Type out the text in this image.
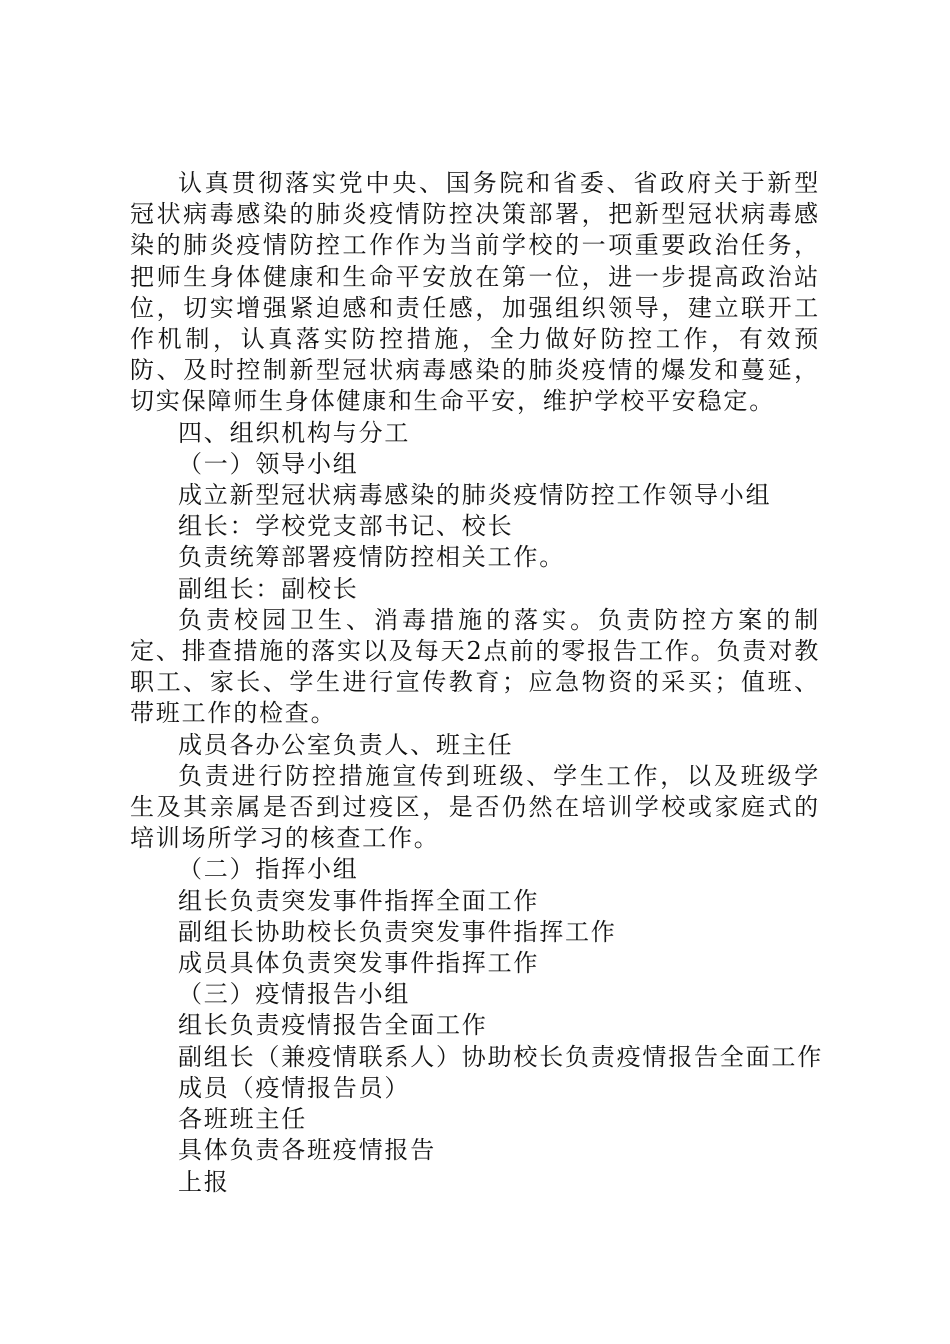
认真贯彻落实党中央、国务院和省委、省政府关于新型冠状病毒感染的肺炎疫情防控决策部署，把新型冠状病毒感染的肺炎疫情防控工作作为当前学校的一项重要政治任务，把师生身体健康和生命平安放在第一位，进一步提高政治站位，切实增强紧迫感和责任感，加强组织领导，建立联开工作机制，认真落实防控措施，全力做好防控工作，有效预防、及时控制新型冠状病毒感染的肺炎疫情的爆发和蔓延，切实保障师生身体健康和生命平安，维护学校平安稳定。

四、组织机构与分工

（一）领导小组

成立新型冠状病毒感染的肺炎疫情防控工作领导小组

组长：学校党支部书记、校长

负责统筹部署疫情防控相关工作。

副组长：副校长

负责校园卫生、消毒措施的落实。负责防控方案的制定、排查措施的落实以及每天2点前的零报告工作。负责对教职工、家长、学生进行宣传教育；应急物资的采买；值班、带班工作的检查。

成员各办公室负责人、班主任

负责进行防控措施宣传到班级、学生工作，以及班级学生及其亲属是否到过疫区，是否仍然在培训学校或家庭式的培训场所学习的核查工作。

（二）指挥小组

组长负责突发事件指挥全面工作

副组长协助校长负责突发事件指挥工作

成员具体负责突发事件指挥工作

（三）疫情报告小组

组长负责疫情报告全面工作

副组长（兼疫情联系人）协助校长负责疫情报告全面工作

成员（疫情报告员）

各班班主任

具体负责各班疫情报告

上报
